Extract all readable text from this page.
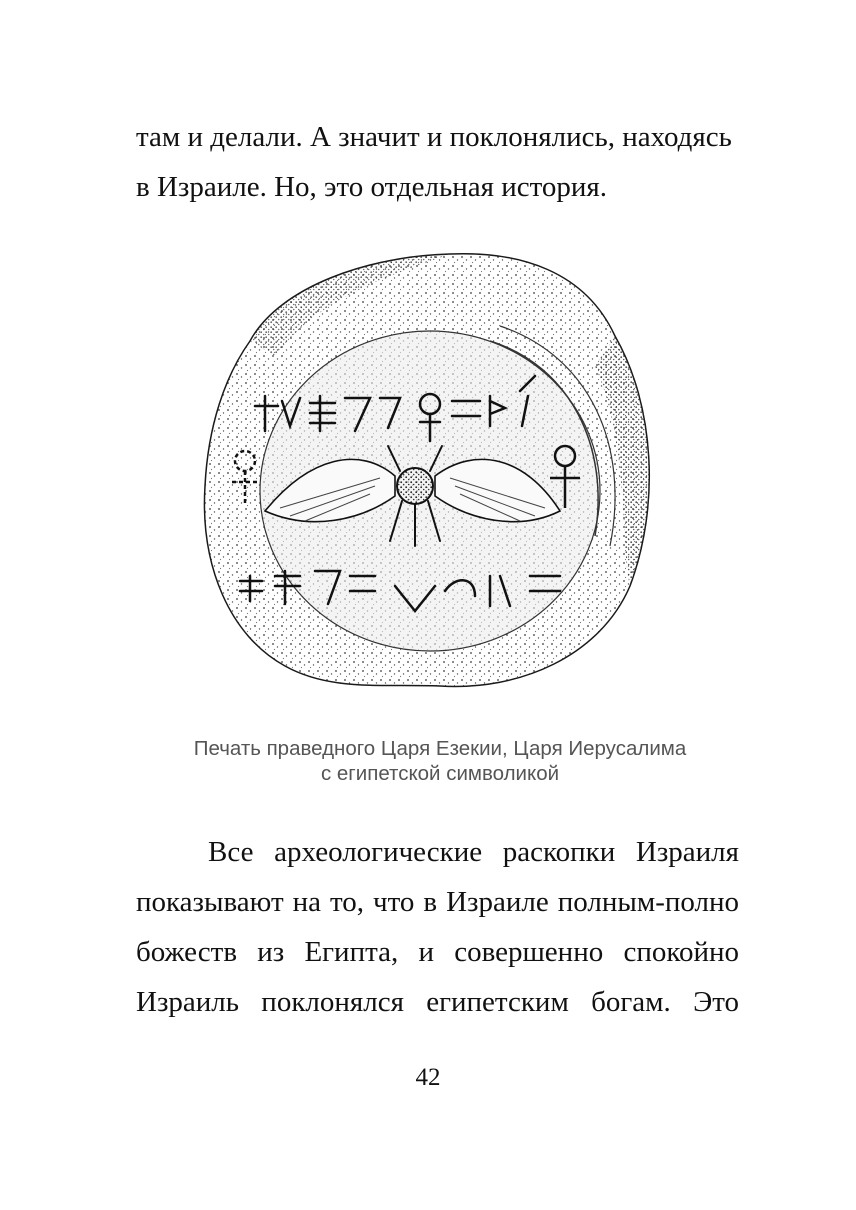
там и делали. А значит и поклонялись, находясь
в Израиле. Но, это отдельная история.

Печать праведного Царя Езекии, Царя Иерусалима
с египетской символикой

Все археологические раскопки Израиля
показывают на то, что в Израиле полным-полно
божеств из Египта, и совершенно спокойно
Израиль поклонялся египетским богам. Это

42
